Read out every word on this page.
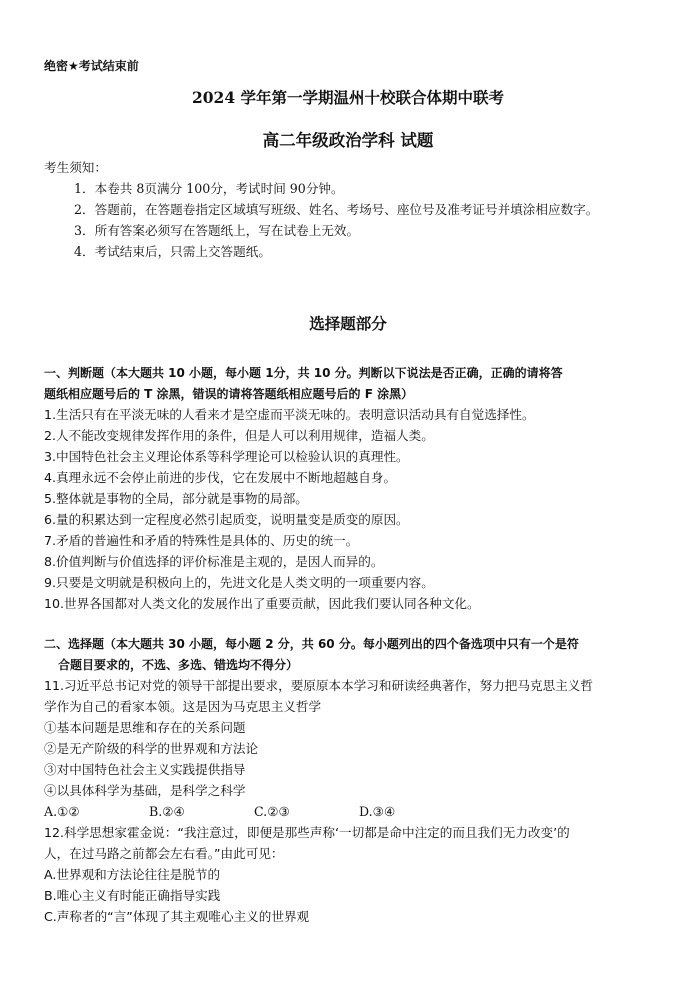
绝密★考试结束前
2024 学年第一学期温州十校联合体期中联考
高二年级政治学科 试题
考生须知：
1．本卷共 8页满分 100分，考试时间 90分钟。
2．答题前，在答题卷指定区域填写班级、姓名、考场号、座位号及准考证号并填涂相应数字。
3．所有答案必须写在答题纸上，写在试卷上无效。
4．考试结束后，只需上交答题纸。
选择题部分
一、判断题（本大题共 10 小题，每小题 1分，共 10 分。判断以下说法是否正确，正确的请将答
题纸相应题号后的 T 涂黑，错误的请将答题纸相应题号后的 F 涂黑）
1.生活只有在平淡无味的人看来才是空虚而平淡无味的。表明意识活动具有自觉选择性。
2.人不能改变规律发挥作用的条件，但是人可以利用规律，造福人类。
3.中国特色社会主义理论体系等科学理论可以检验认识的真理性。
4.真理永远不会停止前进的步伐，它在发展中不断地超越自身。
5.整体就是事物的全局，部分就是事物的局部。
6.量的积累达到一定程度必然引起质变，说明量变是质变的原因。
7.矛盾的普遍性和矛盾的特殊性是具体的、历史的统一。
8.价值判断与价值选择的评价标准是主观的，是因人而异的。
9.只要是文明就是积极向上的，先进文化是人类文明的一项重要内容。
10.世界各国都对人类文化的发展作出了重要贡献，因此我们要认同各种文化。
二、选择题（本大题共 30 小题，每小题 2 分，共 60 分。每小题列出的四个备选项中只有一个是符
合题目要求的，不选、多选、错选均不得分）
11.习近平总书记对党的领导干部提出要求，要原原本本学习和研读经典著作，努力把马克思主义哲
学作为自己的看家本领。这是因为马克思主义哲学
①基本问题是思维和存在的关系问题
②是无产阶级的科学的世界观和方法论
③对中国特色社会主义实践提供指导
④以具体科学为基础，是科学之科学
A.①②	B.②④	C.②③	D.③④
12.科学思想家霍金说：“我注意过，即便是那些声称‘一切都是命中注定的而且我们无力改变’的
人，在过马路之前都会左右看。”由此可见：
A.世界观和方法论往往是脱节的
B.唯心主义有时能正确指导实践
C.声称者的“言”体现了其主观唯心主义的世界观
